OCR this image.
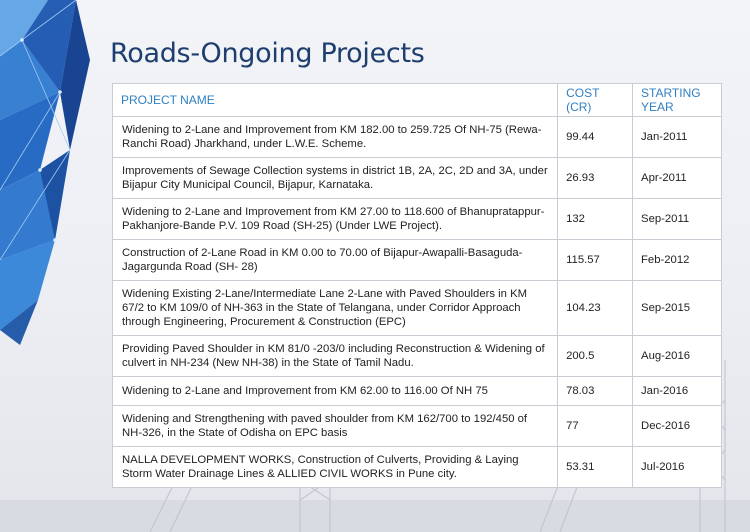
Roads-Ongoing Projects
PROJECT NAME	COST (CR)	STARTING YEAR
Widening to 2-Lane and Improvement from KM 182.00 to 259.725 Of NH-75 (Rewa-Ranchi Road) Jharkhand, under L.W.E. Scheme.	99.44	Jan-2011
Improvements of Sewage Collection systems in district 1B, 2A, 2C, 2D and 3A, under Bijapur City Municipal Council, Bijapur, Karnataka.	26.93	Apr-2011
Widening to 2-Lane and Improvement from KM 27.00 to 118.600 of Bhanupratappur-Pakhanjore-Bande P.V. 109 Road (SH-25) (Under LWE Project).	132	Sep-2011
Construction of 2-Lane Road in KM 0.00 to 70.00 of Bijapur-Awapalli-Basaguda-Jagargunda Road (SH- 28)	115.57	Feb-2012
Widening Existing 2-Lane/Intermediate Lane 2-Lane with Paved Shoulders in KM 67/2 to KM 109/0 of NH-363 in the State of Telangana, under Corridor Approach through Engineering, Procurement & Construction (EPC)	104.23	Sep-2015
Providing Paved Shoulder in KM 81/0 -203/0 including Reconstruction & Widening of culvert in NH-234 (New NH-38) in the State of Tamil Nadu.	200.5	Aug-2016
Widening to 2-Lane and Improvement from KM 62.00 to 116.00 Of NH 75	78.03	Jan-2016
Widening and Strengthening with paved shoulder from KM 162/700 to 192/450 of NH-326, in the State of Odisha on EPC basis	77	Dec-2016
NALLA DEVELOPMENT WORKS, Construction of Culverts, Providing & Laying Storm Water Drainage Lines & ALLIED CIVIL WORKS in Pune city.	53.31	Jul-2016
